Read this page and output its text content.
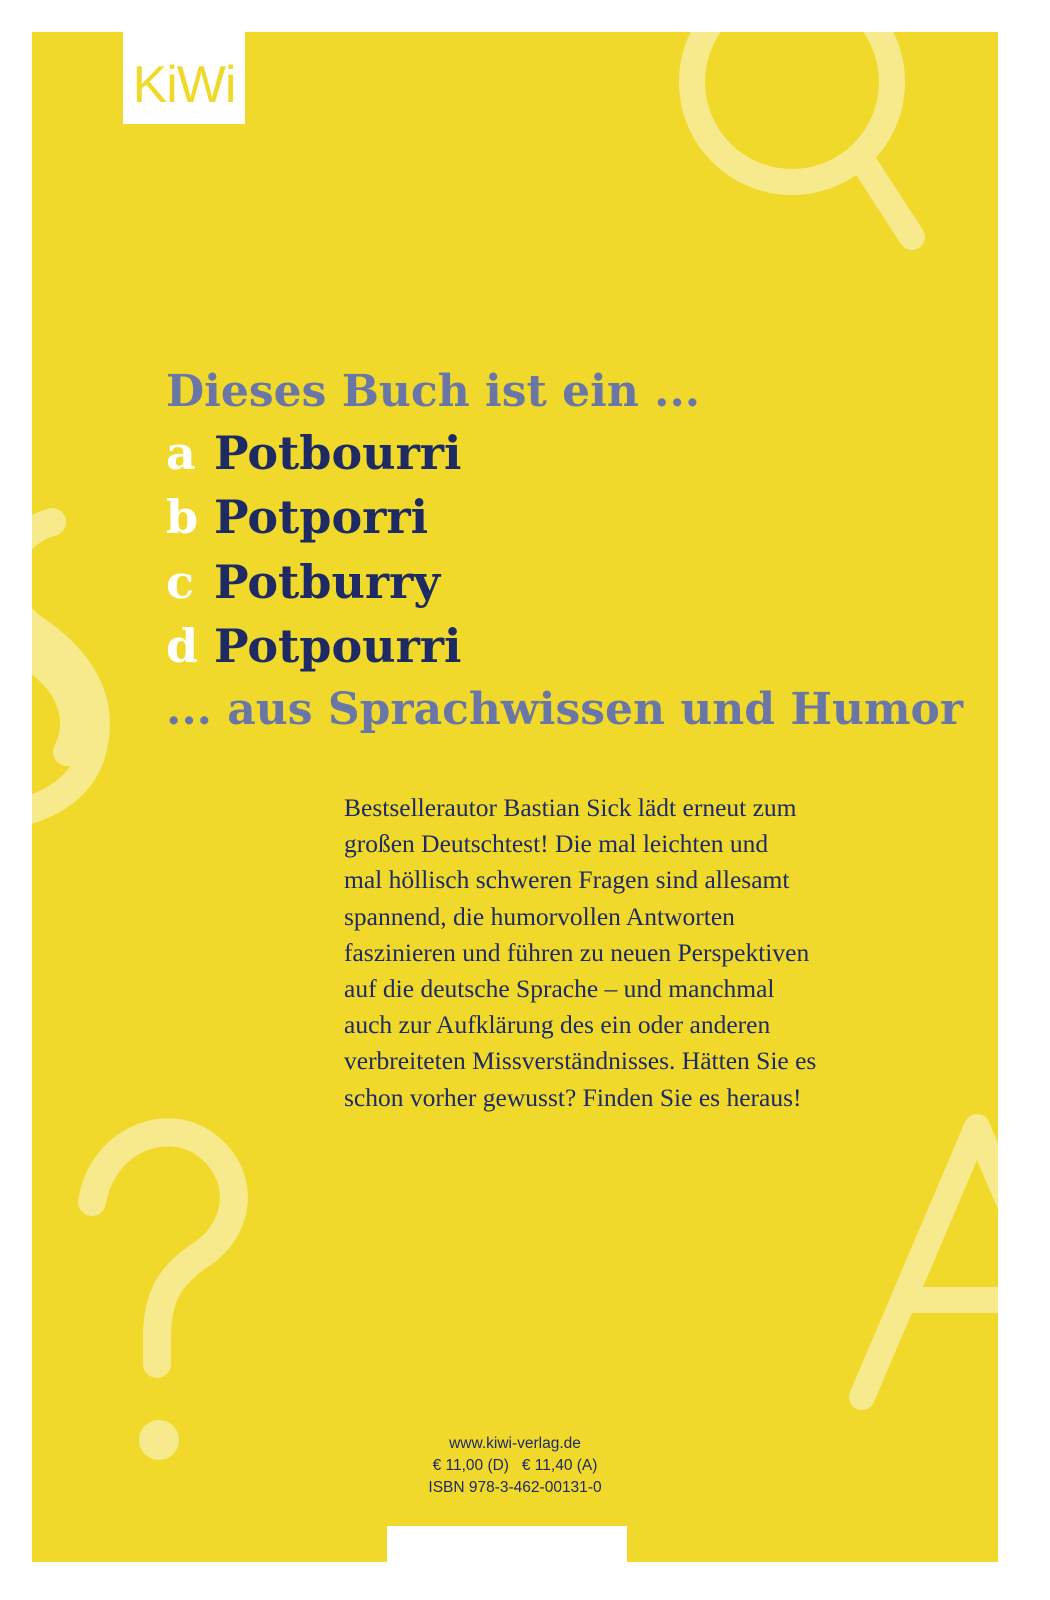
KiWi
Dieses Buch ist ein ...
a Potbourri
b Potporri
c Potburry
d Potpourri
... aus Sprachwissen und Humor

Bestsellerautor Bastian Sick lädt erneut zum
großen Deutschtest! Die mal leichten und
mal höllisch schweren Fragen sind allesamt
spannend, die humorvollen Antworten
faszinieren und führen zu neuen Perspektiven
auf die deutsche Sprache – und manchmal
auch zur Aufklärung des ein oder anderen
verbreiteten Missverständnisses. Hätten Sie es
schon vorher gewusst? Finden Sie es heraus!

www.kiwi-verlag.de
€ 11,00 (D)   € 11,40 (A)
ISBN 978-3-462-00131-0
